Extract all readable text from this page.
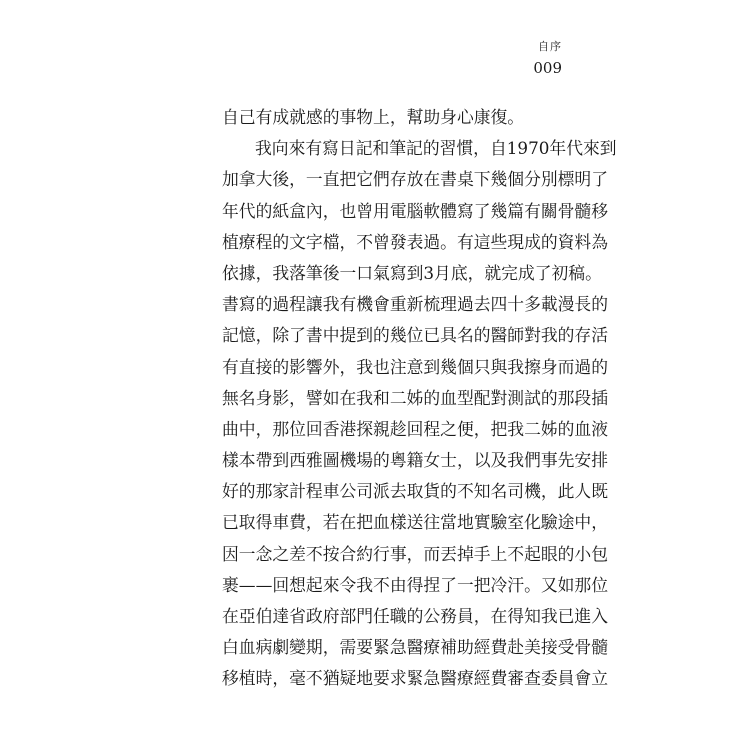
自序
009
自己有成就感的事物上，幫助身心康復。
我向來有寫日記和筆記的習慣，自1970年代來到
加拿大後，一直把它們存放在書桌下幾個分別標明了
年代的紙盒內，也曾用電腦軟體寫了幾篇有關骨髓移
植療程的文字檔，不曾發表過。有這些現成的資料為
依據，我落筆後一口氣寫到3月底，就完成了初稿。
書寫的過程讓我有機會重新梳理過去四十多載漫長的
記憶，除了書中提到的幾位已具名的醫師對我的存活
有直接的影響外，我也注意到幾個只與我擦身而過的
無名身影，譬如在我和二姊的血型配對測試的那段插
曲中，那位回香港探親趁回程之便，把我二姊的血液
樣本帶到西雅圖機場的粵籍女士，以及我們事先安排
好的那家計程車公司派去取貨的不知名司機，此人既
已取得車費，若在把血樣送往當地實驗室化驗途中，
因一念之差不按合約行事，而丟掉手上不起眼的小包
裹——回想起來令我不由得捏了一把冷汗。又如那位
在亞伯達省政府部門任職的公務員，在得知我已進入
白血病劇變期，需要緊急醫療補助經費赴美接受骨髓
移植時，毫不猶疑地要求緊急醫療經費審查委員會立
